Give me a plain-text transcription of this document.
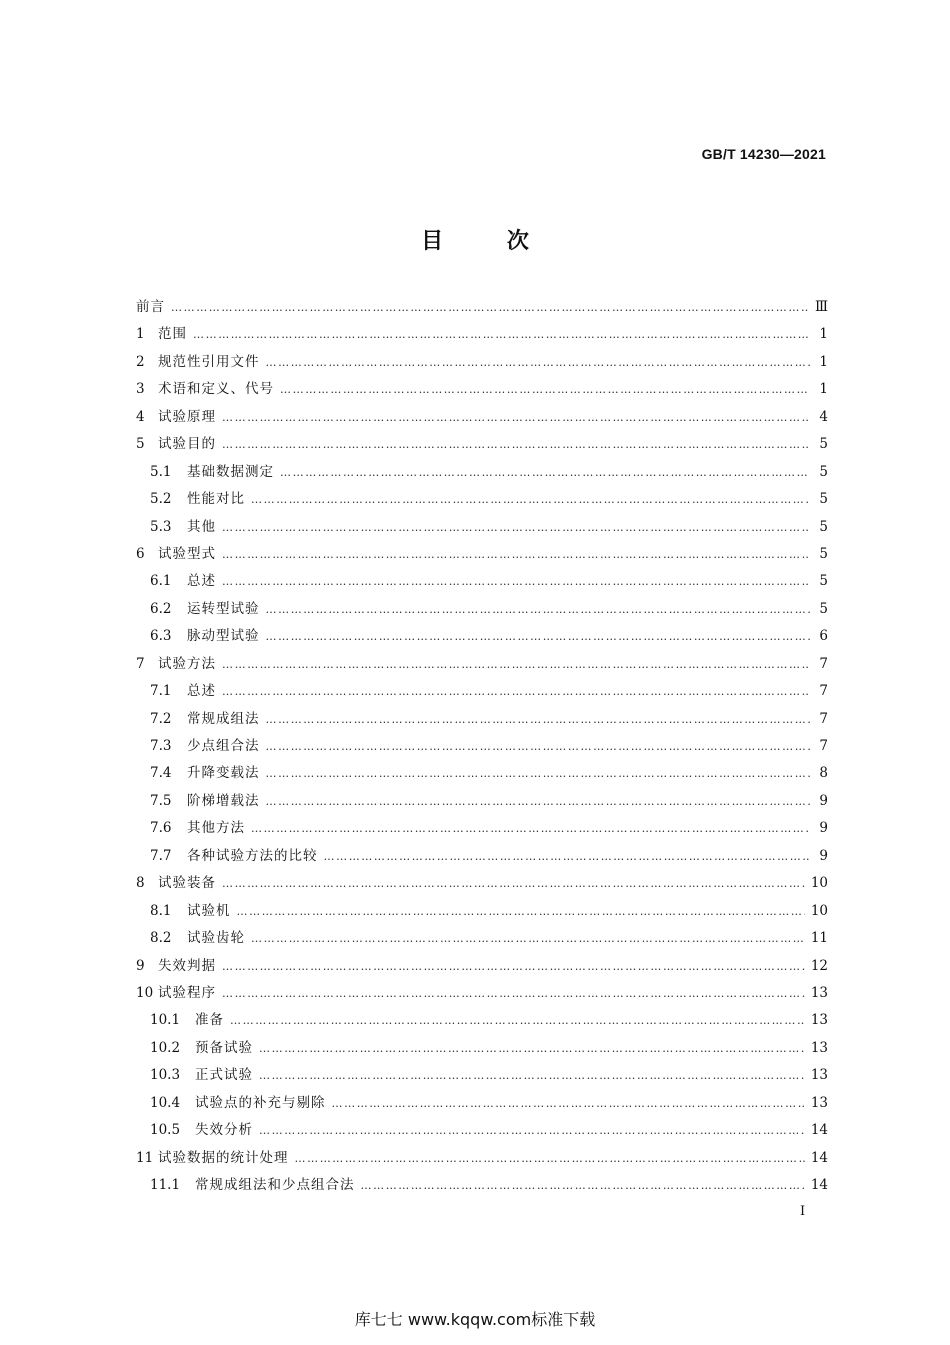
GB/T 14230—2021
目	次
前言 …………………………………………………………………………………………………………………………………………………………………………………………	Ⅲ
1 范围 …………………………………………………………………………………………………………………………………………………………………………………………	1
2 规范性引用文件 …………………………………………………………………………………………………………………………………………………………………………………………	1
3 术语和定义、代号 …………………………………………………………………………………………………………………………………………………………………………………………	1
4 试验原理 …………………………………………………………………………………………………………………………………………………………………………………………	4
5 试验目的 …………………………………………………………………………………………………………………………………………………………………………………………	5
5.1	基础数据测定 …………………………………………………………………………………………………………………………………………………………………………………………	5
5.2	性能对比 …………………………………………………………………………………………………………………………………………………………………………………………	5
5.3	其他 …………………………………………………………………………………………………………………………………………………………………………………………	5
6 试验型式 …………………………………………………………………………………………………………………………………………………………………………………………	5
6.1	总述 …………………………………………………………………………………………………………………………………………………………………………………………	5
6.2	运转型试验 …………………………………………………………………………………………………………………………………………………………………………………………	5
6.3	脉动型试验 …………………………………………………………………………………………………………………………………………………………………………………………	6
7 试验方法 …………………………………………………………………………………………………………………………………………………………………………………………	7
7.1	总述 …………………………………………………………………………………………………………………………………………………………………………………………	7
7.2	常规成组法 …………………………………………………………………………………………………………………………………………………………………………………………	7
7.3	少点组合法 …………………………………………………………………………………………………………………………………………………………………………………………	7
7.4	升降变载法 …………………………………………………………………………………………………………………………………………………………………………………………	8
7.5	阶梯增载法 …………………………………………………………………………………………………………………………………………………………………………………………	9
7.6	其他方法 …………………………………………………………………………………………………………………………………………………………………………………………	9
7.7	各种试验方法的比较 …………………………………………………………………………………………………………………………………………………………………………………………	9
8 试验装备 …………………………………………………………………………………………………………………………………………………………………………………………	10
8.1	试验机 …………………………………………………………………………………………………………………………………………………………………………………………	10
8.2	试验齿轮 …………………………………………………………………………………………………………………………………………………………………………………………	11
9 失效判据 …………………………………………………………………………………………………………………………………………………………………………………………	12
10 试验程序 …………………………………………………………………………………………………………………………………………………………………………………………	13
10.1	准备 …………………………………………………………………………………………………………………………………………………………………………………………	13
10.2	预备试验 …………………………………………………………………………………………………………………………………………………………………………………………	13
10.3	正式试验 …………………………………………………………………………………………………………………………………………………………………………………………	13
10.4	试验点的补充与剔除 …………………………………………………………………………………………………………………………………………………………………………………………	13
10.5	失效分析 …………………………………………………………………………………………………………………………………………………………………………………………	14
11 试验数据的统计处理 …………………………………………………………………………………………………………………………………………………………………………………………	14
11.1	常规成组法和少点组合法 …………………………………………………………………………………………………………………………………………………………………………………………	14
I
库七七 www.kqqw.com标准下载
